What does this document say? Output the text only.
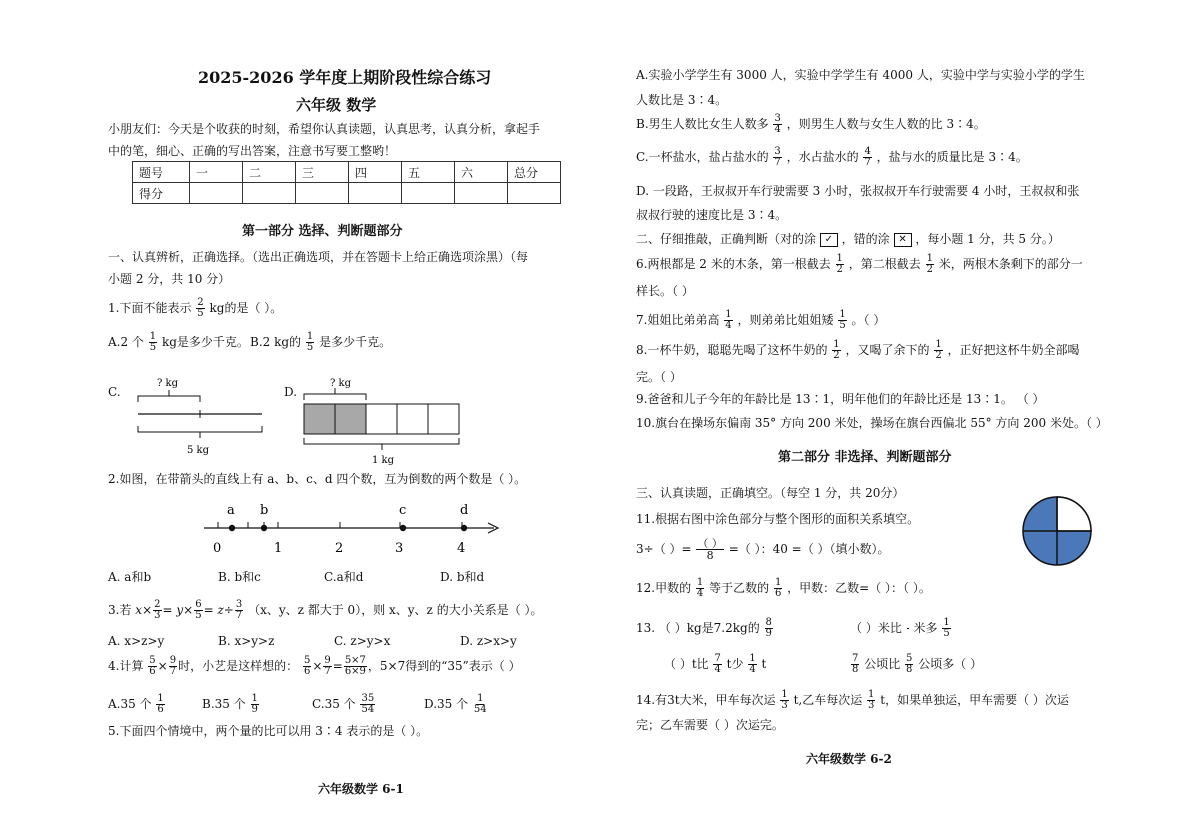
2025-2026 学年度上期阶段性综合练习
六年级 数学
小朋友们：今天是个收获的时刻，希望你认真读题，认真思考，认真分析，拿起手
中的笔，细心、正确的写出答案，注意书写要工整哟！
题号	一	二	三	四	五	六	总分
得分							
第一部分 选择、判断题部分
一、认真辨析，正确选择。（选出正确选项，并在答题卡上给正确选项涂黑）（每
小题 2 分，共 10 分）
1.下面不能表示 $\frac{2}{5}$ kg的是（ ）。
A.2 个 $\frac{1}{5}$ kg是多少千克。 B.2 kg的 $\frac{1}{5}$ 是多少千克。
C.
? kg
5 kg
D.
? kg
1 kg
2.如图，在带箭头的直线上有 a、b、c、d 四个数，互为倒数的两个数是（ ）。
a b	c	d
0	1	2	3	4
A. a和b	B. b和c	C.a和d	D. b和d
3.若 $x\times \frac{2}{3} = y\times \frac{6}{5} = z\div \frac{3}{7} (x$、y、z 都大于 0），则 x、y、z 的大小关系是（ ）。
A. x>z>y	B. x>y>z	C. z>y>x	D. z>x>y
4.计算 $\frac{5}{6} \times \frac{9}{7}$ 时，小艺是这样想的： $\frac{5}{6} \times \frac{9}{7} = \frac{5\times 7}{6\times 9}$ ，5×7得到的“35”表示（ ）
A.35 个 $\frac{1}{6}$	B.35 个 $\frac{1}{9}$	C.35 个 $\frac{35}{54}$	D.35 个 $\frac{1}{54}$
5.下面四个情境中，两个量的比可以用 3∶4 表示的是（ ）。
六年级数学 6-1
A.实验小学学生有 3000 人，实验中学学生有 4000 人，实验中学与实验小学的学生
人数比是 3∶4。
B.男生人数比女生人数多 $\frac{3}{4}$ ，则男生人数与女生人数的比 3∶4。
C.一杯盐水，盐占盐水的 $\frac{3}{7}$ ，水占盐水的 $\frac{4}{7}$ ，盐与水的质量比是 3∶4。
D. 一段路，王叔叔开车行驶需要 3 小时，张叔叔开车行驶需要 4 小时，王叔叔和张
叔叔行驶的速度比是 3∶4。
二、仔细推敲，正确判断（对的涂 ✓ ，错的涂 ✕ ，每小题 1 分，共 5 分。）
6.两根都是 2 米的木条，第一根截去 $\frac{1}{2}$ ，第二根截去 $\frac{1}{2}$ 米，两根木条剩下的部分一
样长。（ ）
7.姐姐比弟弟高 $\frac{1}{4}$ ，则弟弟比姐姐矮 $\frac{1}{5}$ 。（ ）
8.一杯牛奶，聪聪先喝了这杯牛奶的 $\frac{1}{2}$ ，又喝了余下的 $\frac{1}{2}$ ，正好把这杯牛奶全部喝
完。（ ）
9.爸爸和儿子今年的年龄比是 13∶1，明年他们的年龄比还是 13∶1。 （ ）
10.旗台在操场东偏南 35° 方向 200 米处，操场在旗台西偏北 55° 方向 200 米处。（ ）
第二部分 非选择、判断题部分
三、认真读题，正确填空。（每空 1 分，共 20分）
11.根据右图中涂色部分与整个图形的面积关系填空。
3÷（ ）= $\frac{( )}{8}$ =（ ）：40 =（ ）（填小数）。
12.甲数的 $\frac{1}{4}$ 等于乙数的 $\frac{1}{6}$ ，甲数：乙数=（ ）：（ ）。
13. （ ）kg是7.2kg的 $\frac{8}{9}$	（ ）米比 米多 $\frac{1}{5}$
（ ）t比 $\frac{7}{4}$ t少 $\frac{1}{4}$ t	$\frac{7}{8}$ 公顷比 $\frac{5}{8}$ 公顷多（ ）
14.有3t大米，甲车每次运 $\frac{1}{3} t$,乙车每次运 $\frac{1}{3}$ t，如果单独运，甲车需要（ ）次运
完；乙车需要（ ）次运完。
六年级数学 6-2
